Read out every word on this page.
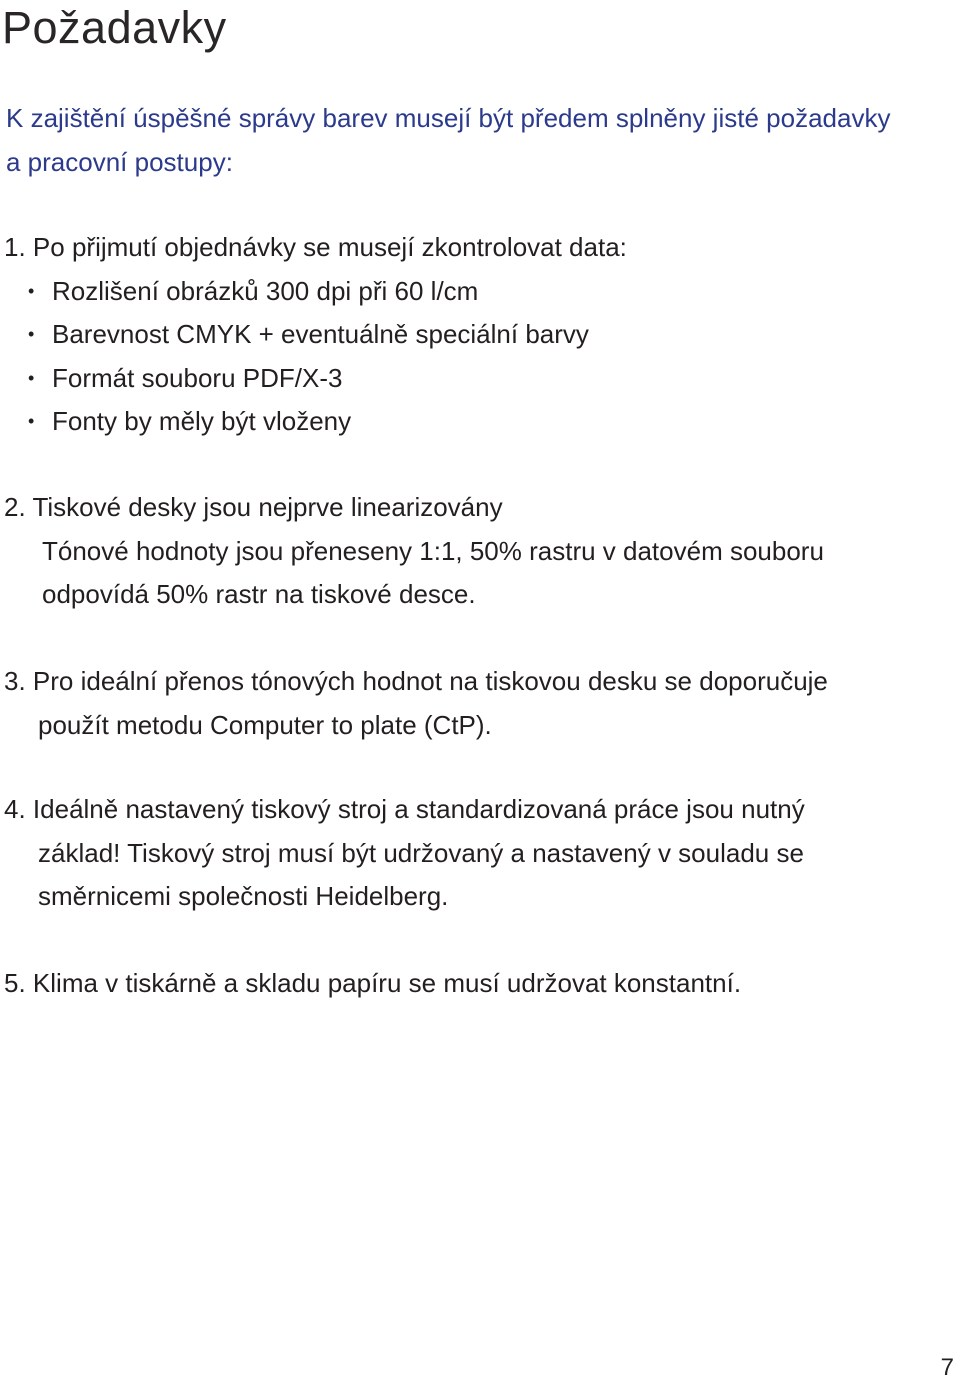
Požadavky

K zajištění úspěšné správy barev musejí být předem splněny jisté požadavky a pracovní postupy:

1. Po přijmutí objednávky se musejí zkontrolovat data:

• Rozlišení obrázků 300 dpi při 60 l/cm
• Barevnost CMYK + eventuálně speciální barvy
• Formát souboru PDF/X-3
• Fonty by měly být vloženy

2. Tiskové desky jsou nejprve linearizovány

Tónové hodnoty jsou přeneseny 1:1, 50% rastru v datovém souboru odpovídá 50% rastr na tiskové desce.

3. Pro ideální přenos tónových hodnot na tiskovou desku se doporučuje

použít metodu Computer to plate (CtP).

4. Ideálně nastavený tiskový stroj a standardizovaná práce jsou nutný

základ! Tiskový stroj musí být udržovaný a nastavený v souladu se

směrnicemi společnosti Heidelberg.

5. Klima v tiskárně a skladu papíru se musí udržovat konstantní.

7
